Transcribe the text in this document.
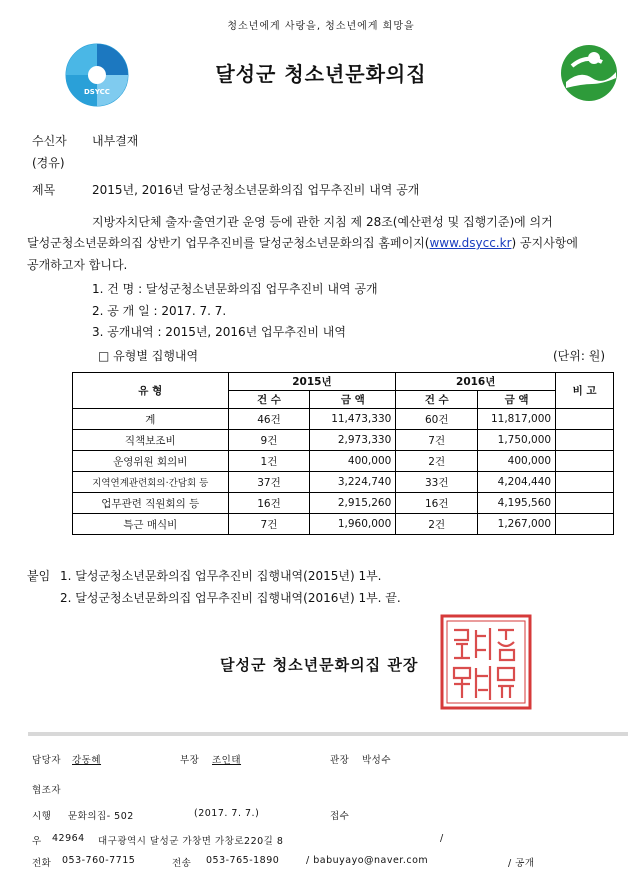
청소년에게 사랑을, 청소년에게 희망을
DSYCC
달성군 청소년문화의집
수신자 내부결재
(경유)
제목	2015년, 2016년 달성군청소년문화의집 업무추진비 내역 공개
지방자치단체 출자·출연기관 운영 등에 관한 지침 제 28조(예산편성 및 집행기준)에 의거
달성군청소년문화의집 상반기 업무추진비를 달성군청소년문화의집 홈페이지(www.dsycc.kr) 공지사항에
공개하고자 합니다.
1. 건 명 : 달성군청소년문화의집 업무추진비 내역 공개
2. 공 개 일 : 2017. 7. 7.
3. 공개내역 : 2015년, 2016년 업무추진비 내역
□ 유형별 집행내역	(단위: 원)
유 형	2015년		2016년		비 고
	건 수	금 액	건 수	금 액	
계	46건	11,473,330	60건	11,817,000	
직책보조비	9건	2,973,330	7건	1,750,000	
운영위원 회의비	1건	400,000	2건	400,000	
지역연계관련회의·간담회 등	37건	3,224,740	33건	4,204,440	
업무관련 직원회의 등	16건	2,915,260	16건	4,195,560	
특근 매식비	7건	1,960,000	2건	1,267,000	
붙임 1. 달성군청소년문화의집 업무추진비 집행내역(2015년) 1부.
2. 달성군청소년문화의집 업무추진비 집행내역(2016년) 1부. 끝.
달성군 청소년문화의집 관장
담당자 강동혜	부장 조인태	관장 박성수
협조자
시행 문화의집- 502	(2017. 7. 7.)	접수
우 42964 대구광역시 달성군 가창면 가창로220길 8	/
전화 053-760-7715	전송 053-765-1890	/ babuyayo@naver.com	/ 공개
